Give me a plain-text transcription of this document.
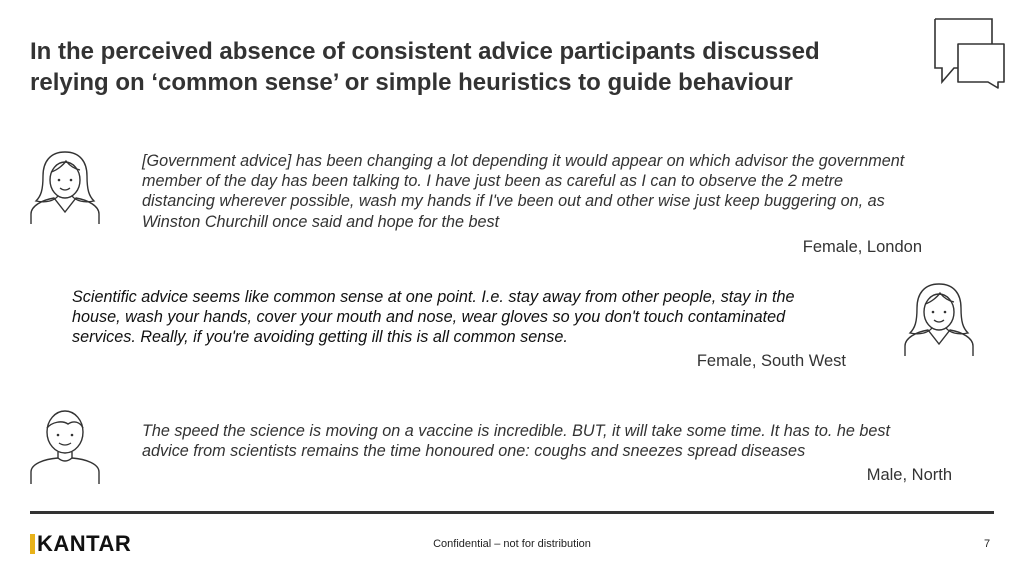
In the perceived absence of consistent advice participants discussed
relying on ‘common sense’ or simple heuristics to guide behaviour
[Government advice] has been changing a lot depending it would appear on which advisor the government
member of the day has been talking to. I have just been as careful as I can to observe the 2 metre
distancing wherever possible, wash my hands if I've been out and other wise just keep buggering on, as
Winston Churchill once said and hope for the best
Female, London
Scientific advice seems like common sense at one point. I.e. stay away from other people, stay in the
house, wash your hands, cover your mouth and nose, wear gloves so you don't touch contaminated
services. Really, if you're avoiding getting ill this is all common sense.
Female, South West
The speed the science is moving on a vaccine is incredible. BUT, it will take some time. It has to. he best
advice from scientists remains the time honoured one: coughs and sneezes spread diseases
Male, North
KANTAR	Confidential – not for distribution	7
